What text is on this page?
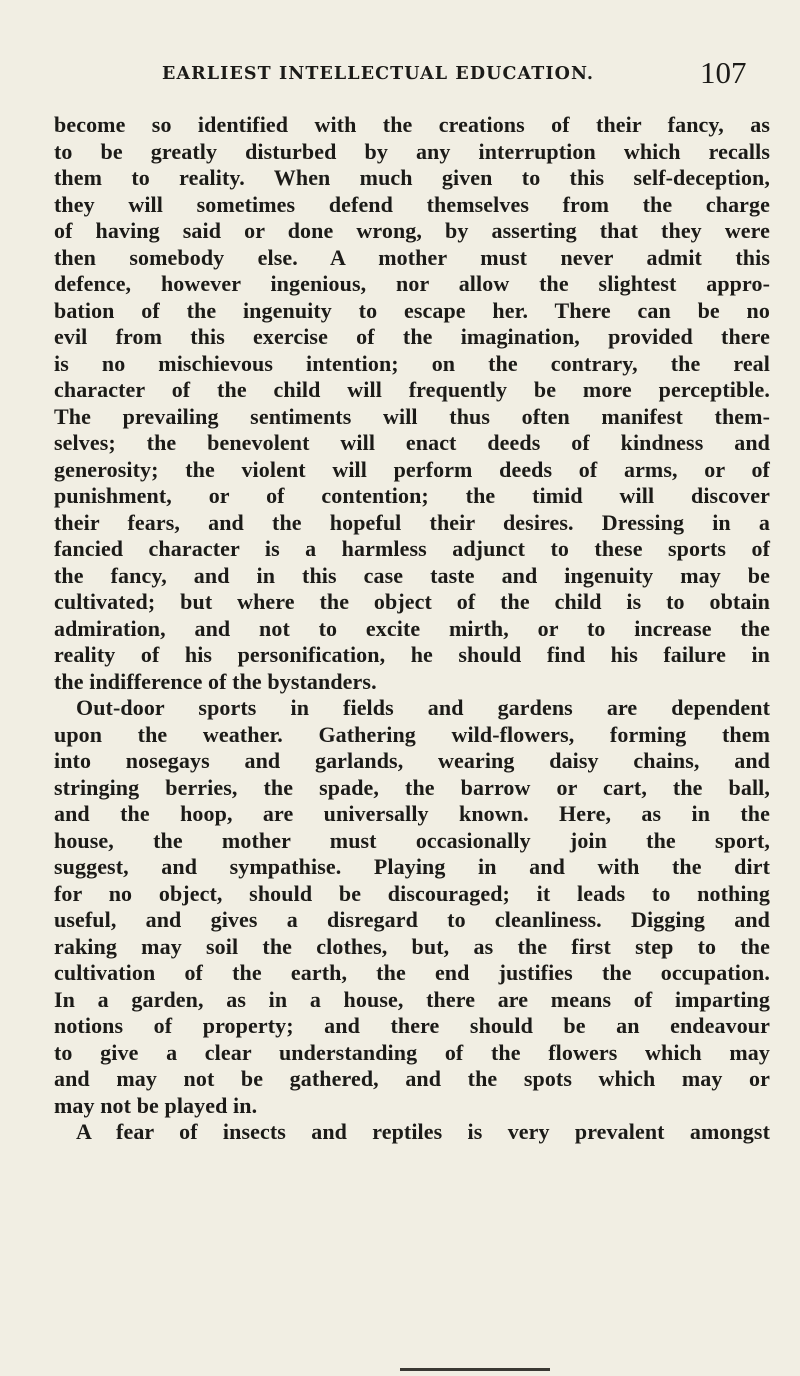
EARLIEST INTELLECTUAL EDUCATION.	107
become so identified with the creations of their fancy, as
to be greatly disturbed by any interruption which recalls
them to reality. When much given to this self-deception,
they will sometimes defend themselves from the charge
of having said or done wrong, by asserting that they were
then somebody else. A mother must never admit this
defence, however ingenious, nor allow the slightest appro-
bation of the ingenuity to escape her. There can be no
evil from this exercise of the imagination, provided there
is no mischievous intention; on the contrary, the real
character of the child will frequently be more perceptible.
The prevailing sentiments will thus often manifest them-
selves; the benevolent will enact deeds of kindness and
generosity; the violent will perform deeds of arms, or of
punishment, or of contention; the timid will discover
their fears, and the hopeful their desires. Dressing in a
fancied character is a harmless adjunct to these sports of
the fancy, and in this case taste and ingenuity may be
cultivated; but where the object of the child is to obtain
admiration, and not to excite mirth, or to increase the
reality of his personification, he should find his failure in
the indifference of the bystanders.
Out-door sports in fields and gardens are dependent
upon the weather. Gathering wild-flowers, forming them
into nosegays and garlands, wearing daisy chains, and
stringing berries, the spade, the barrow or cart, the ball,
and the hoop, are universally known. Here, as in the
house, the mother must occasionally join the sport,
suggest, and sympathise. Playing in and with the dirt
for no object, should be discouraged; it leads to nothing
useful, and gives a disregard to cleanliness. Digging and
raking may soil the clothes, but, as the first step to the
cultivation of the earth, the end justifies the occupation.
In a garden, as in a house, there are means of imparting
notions of property; and there should be an endeavour
to give a clear understanding of the flowers which may
and may not be gathered, and the spots which may or
may not be played in.
A fear of insects and reptiles is very prevalent amongst
